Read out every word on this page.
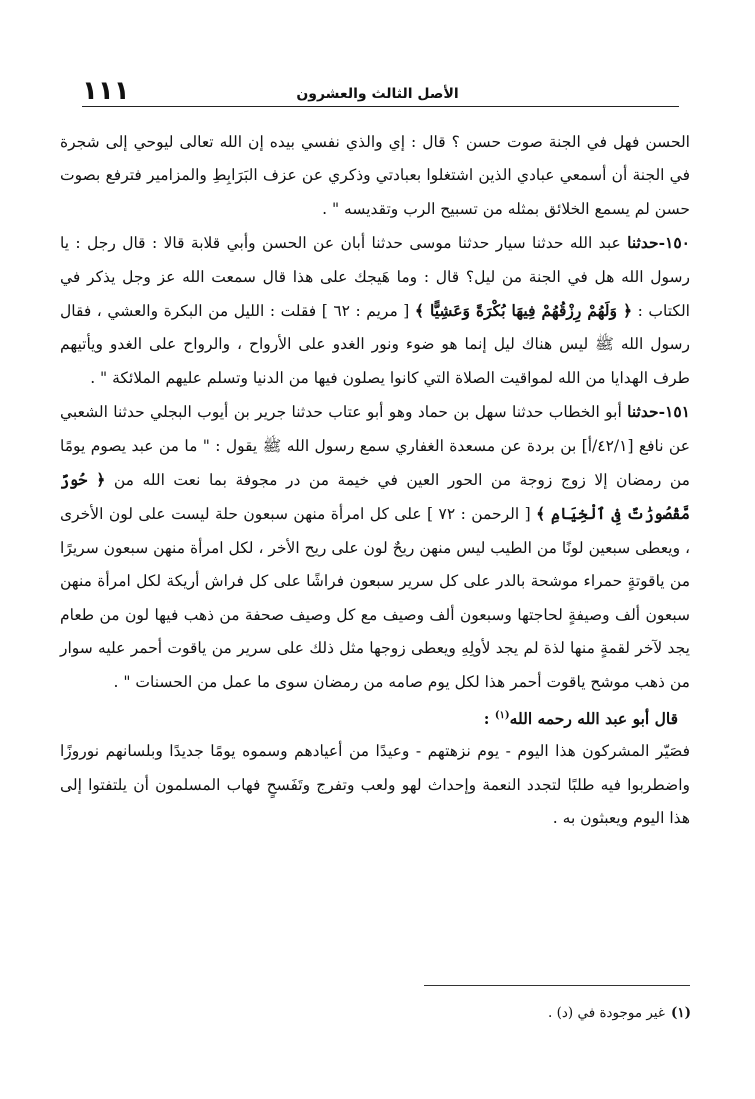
١١١	الأصل الثالث والعشرون

الحسن فهل في الجنة صوت حسن ؟ قال : إي والذي نفسي بيده إن الله تعالى ليوحي إلى شجرة في الجنة أن أسمعي عبادي الذين اشتغلوا بعبادتي وذكري عن عزف البَرَابِطِ والمزامير فترفع بصوت حسن لم يسمع الخلائق بمثله من تسبيح الرب وتقديسه " .

١٥٠-حدثنا عبد الله حدثنا سيار حدثنا موسى حدثنا أبان عن الحسن وأبي قلابة قالا : قال رجل : يا رسول الله هل في الجنة من ليل؟ قال : وما هَيجك على هذا قال سمعت الله عز وجل يذكر في الكتاب : ﴿ وَلَهُمْ رِزْقُهُمْ فِيهَا بُكْرَةً وَعَشِيًّا ﴾ [ مريم : ٦٢ ] فقلت : الليل من البكرة والعشي ، فقال رسول الله ﷺ ليس هناك ليل إنما هو ضوء ونور الغدو على الأرواح ، والرواح على الغدو ويأتيهم طرف الهدايا من الله لمواقيت الصلاة التي كانوا يصلون فيها من الدنيا وتسلم عليهم الملائكة " .

١٥١-حدثنا أبو الخطاب حدثنا سهل بن حماد وهو أبو عتاب حدثنا جرير بن أيوب البجلي حدثنا الشعبي عن نافع [٤٢/١/أ] بن بردة عن مسعدة الغفاري سمع رسول الله ﷺ يقول : " ما من عبد يصوم يومًا من رمضان إلا زوج زوجة من الحور العين في خيمة من در مجوفة بما نعت الله من ﴿ حُورٌ مَّقْصُورَٰتٌ فِى ٱلْخِيَامِ ﴾ [ الرحمن : ٧٢ ] على كل امرأة منهن سبعون حلة ليست على لون الأخرى ، ويعطى سبعين لونًا من الطيب ليس منهن ريحٌ لون على ريح الأخر ، لكل امرأة منهن سبعون سريرًا من ياقوتةٍ حمراء موشحة بالدر على كل سرير سبعون فراشًا على كل فراش أريكة لكل امرأة منهن سبعون ألف وصيفةٍ لحاجتها وسبعون ألف وصيف مع كل وصيف صحفة من ذهب فيها لون من طعام يجد لآخر لقمةٍ منها لذة لم يجد لأولِهِ ويعطى زوجها مثل ذلك على سرير من ياقوت أحمر عليه سوار من ذهب موشح ياقوت أحمر هذا لكل يوم صامه من رمضان سوى ما عمل من الحسنات " .

قال أبو عبد الله رحمه الله$^{(١)}$ :

فصَيّر المشركون هذا اليوم - يوم نزهتهم - وعيدًا من أعيادهم وسموه يومًا جديدًا وبلسانهم نوروزًا واضطربوا فيه طلبًا لتجدد النعمة وإحداث لهو ولعب وتفرج وتَفَسحٍ فهاب المسلمون أن يلتفتوا إلى هذا اليوم ويعبثون به .

(١)غير موجودة في (د) .
